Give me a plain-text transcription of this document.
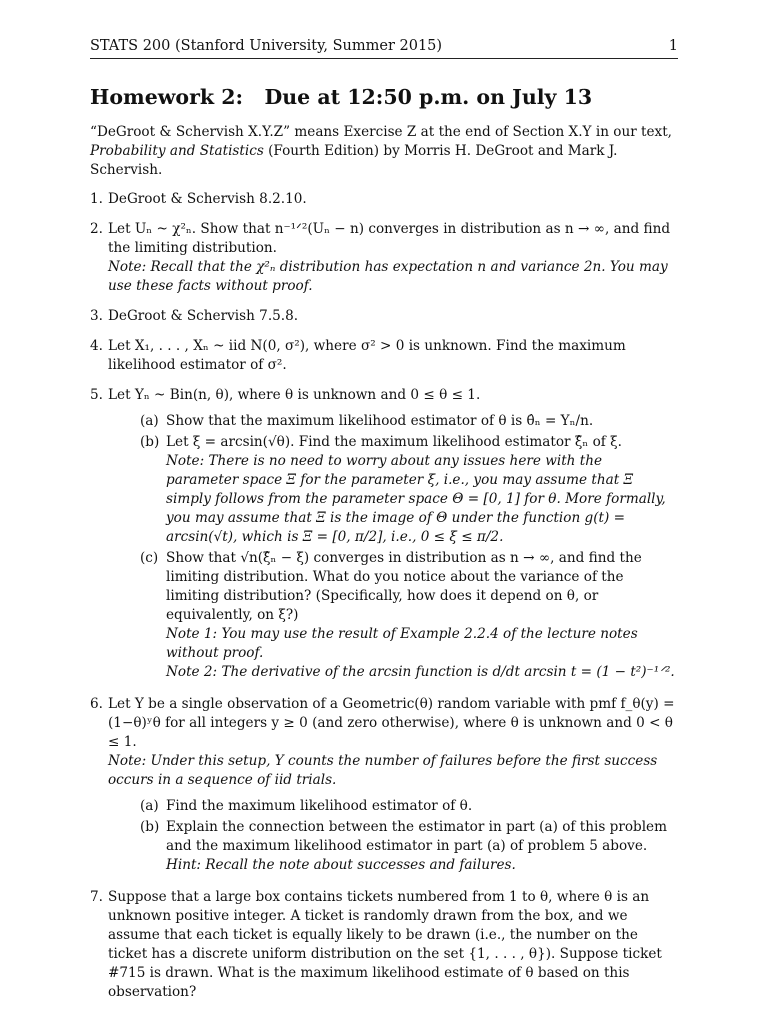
STATS 200 (Stanford University, Summer 2015)	1
Homework 2:   Due at 12:50 p.m. on July 13

“DeGroot & Schervish X.Y.Z” means Exercise Z at the end of Section X.Y in our text, Probability and Statistics (Fourth Edition) by Morris H. DeGroot and Mark J. Schervish.

1. DeGroot & Schervish 8.2.10.

2. Let Uₙ ~ χ²ₙ. Show that n⁻¹ᐟ²(Uₙ − n) converges in distribution as n → ∞, and find the limiting distribution.

Note: Recall that the χ²ₙ distribution has expectation n and variance 2n. You may use these facts without proof.

3. DeGroot & Schervish 7.5.8.

4. Let X₁, . . . , Xₙ ~ iid N(0, σ²), where σ² > 0 is unknown. Find the maximum likelihood estimator of σ².

5. Let Yₙ ~ Bin(n, θ), where θ is unknown and 0 ≤ θ ≤ 1.

(a) Show that the maximum likelihood estimator of θ is θ̂ₙ = Yₙ/n.

(b) Let ξ = arcsin(√θ). Find the maximum likelihood estimator ξ̂ₙ of ξ.

Note: There is no need to worry about any issues here with the parameter space Ξ for the parameter ξ, i.e., you may assume that Ξ simply follows from the parameter space Θ = [0, 1] for θ. More formally, you may assume that Ξ is the image of Θ under the function g(t) = arcsin(√t), which is Ξ = [0, π/2], i.e., 0 ≤ ξ ≤ π/2.

(c) Show that √n(ξ̂ₙ − ξ) converges in distribution as n → ∞, and find the limiting distribution. What do you notice about the variance of the limiting distribution? (Specifically, how does it depend on θ, or equivalently, on ξ?)

Note 1: You may use the result of Example 2.2.4 of the lecture notes without proof.

Note 2: The derivative of the arcsin function is d/dt arcsin t = (1 − t²)⁻¹ᐟ².

6. Let Y be a single observation of a Geometric(θ) random variable with pmf f_θ(y) = (1−θ)ʸθ for all integers y ≥ 0 (and zero otherwise), where θ is unknown and 0 < θ ≤ 1.

Note: Under this setup, Y counts the number of failures before the first success occurs in a sequence of iid trials.

(a) Find the maximum likelihood estimator of θ.

(b) Explain the connection between the estimator in part (a) of this problem and the maximum likelihood estimator in part (a) of problem 5 above.

Hint: Recall the note about successes and failures.

7. Suppose that a large box contains tickets numbered from 1 to θ, where θ is an unknown positive integer. A ticket is randomly drawn from the box, and we assume that each ticket is equally likely to be drawn (i.e., the number on the ticket has a discrete uniform distribution on the set {1, . . . , θ}). Suppose ticket #715 is drawn. What is the maximum likelihood estimate of θ based on this observation?
